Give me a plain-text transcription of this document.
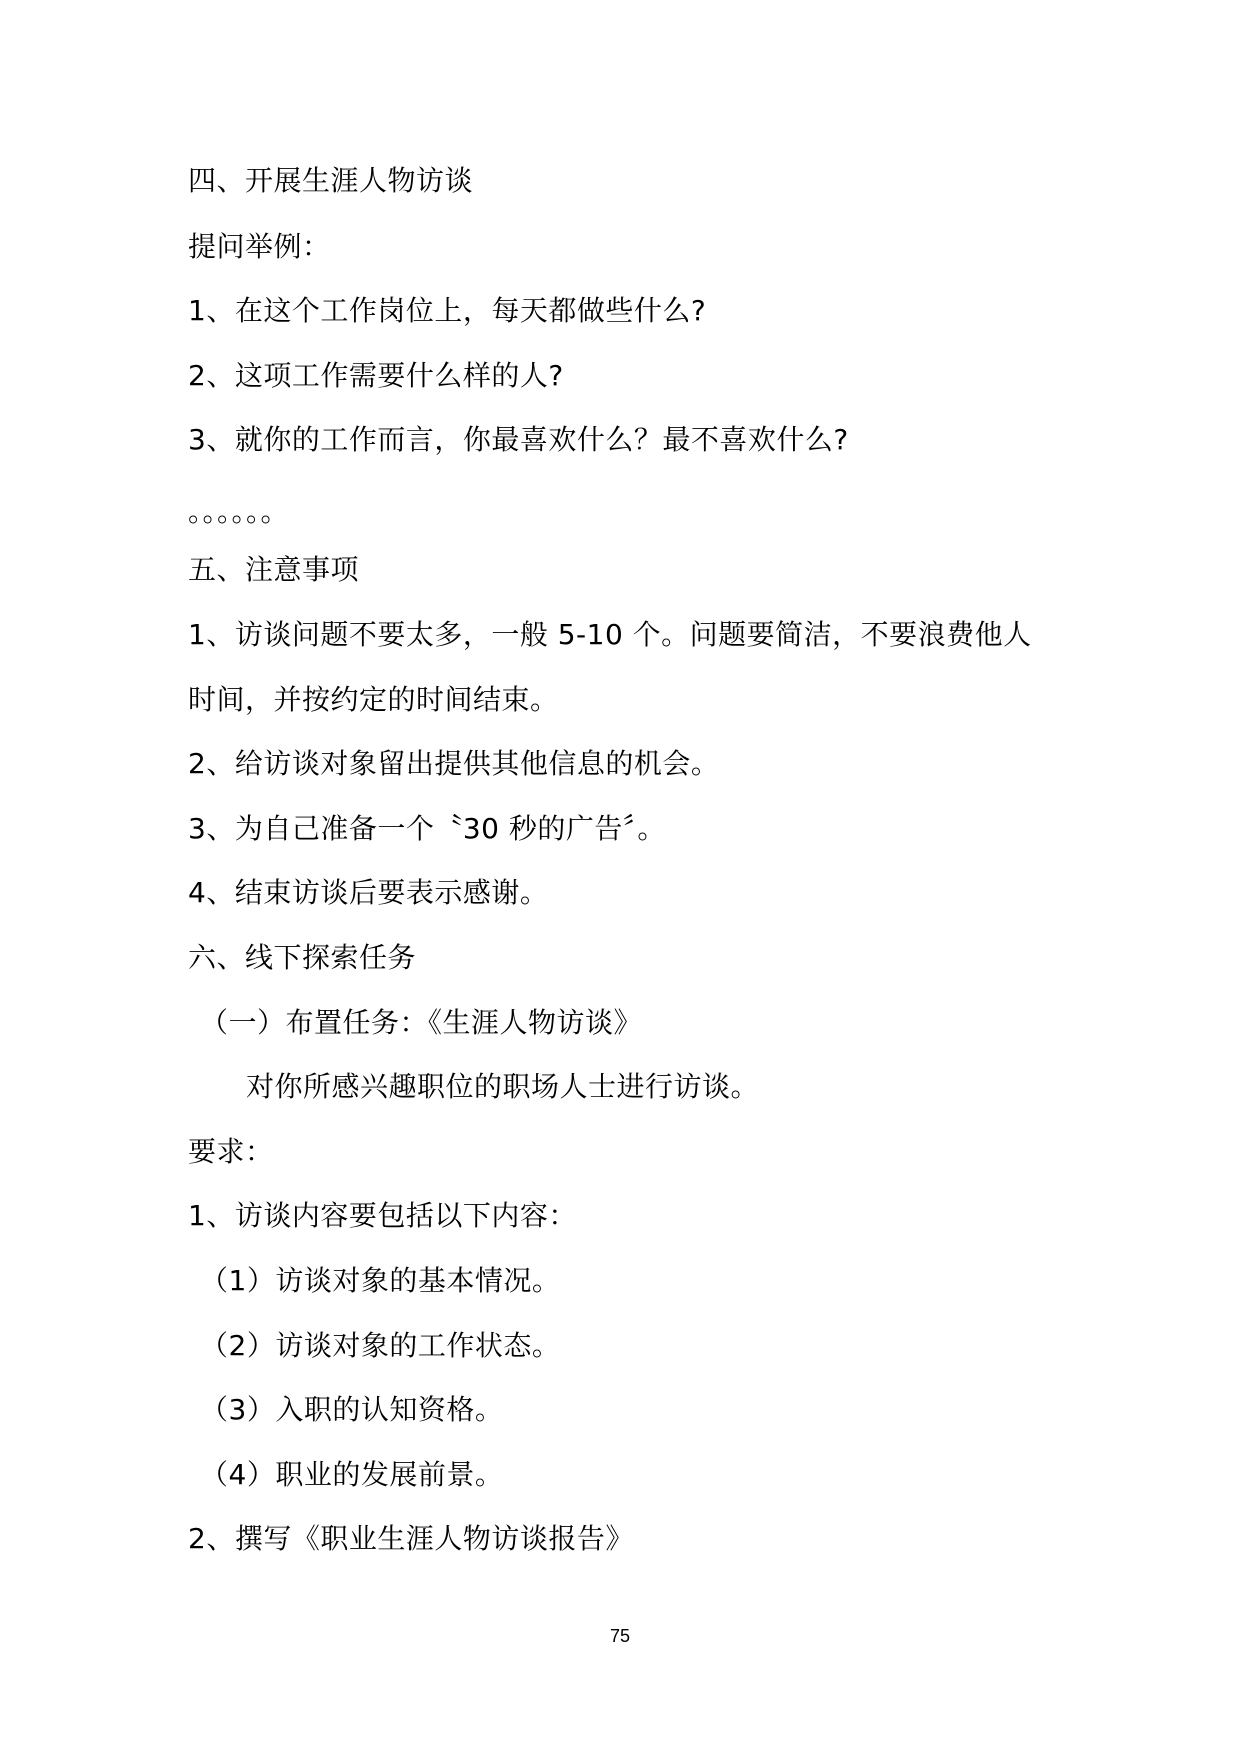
四、开展生涯人物访谈
提问举例：
1、在这个工作岗位上，每天都做些什么?
2、这项工作需要什么样的人?
3、就你的工作而言，你最喜欢什么？最不喜欢什么?
。。。。。。
五、注意事项
1、访谈问题不要太多，一般 5-10 个。问题要简洁，不要浪费他人
时间，并按约定的时间结束。
2、给访谈对象留出提供其他信息的机会。
3、为自己准备一个〝30 秒的广告〞。
4、结束访谈后要表示感谢。
六、线下探索任务
（一）布置任务：《生涯人物访谈》
对你所感兴趣职位的职场人士进行访谈。
要求：
1、访谈内容要包括以下内容：
（1）访谈对象的基本情况。
（2）访谈对象的工作状态。
（3）入职的认知资格。
（4）职业的发展前景。
2、撰写《职业生涯人物访谈报告》
75
